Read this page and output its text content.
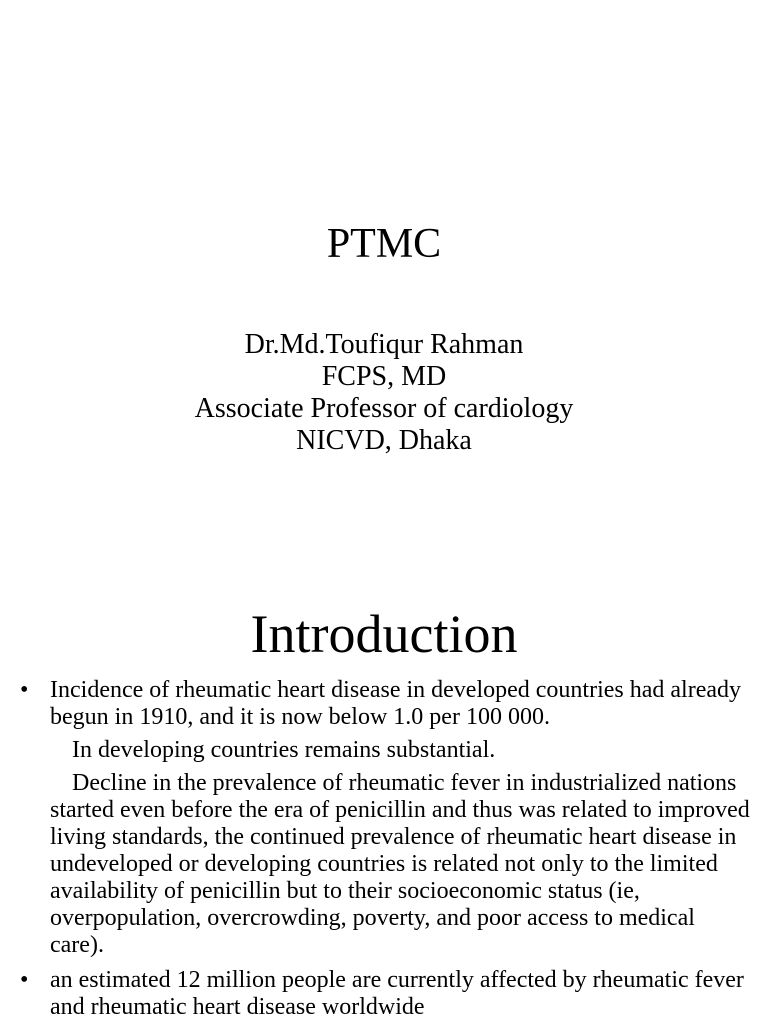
PTMC
Dr.Md.Toufiqur Rahman
FCPS, MD
Associate Professor of cardiology
NICVD, Dhaka
Introduction
• Incidence of rheumatic heart disease in developed countries had already begun in 1910, and it is now below 1.0 per 100 000.
In developing countries remains substantial.
Decline in the prevalence of rheumatic fever in industrialized nations started even before the era of penicillin and thus was related to improved living standards, the continued prevalence of rheumatic heart disease in undeveloped or developing countries is related not only to the limited availability of penicillin but to their socioeconomic status (ie, overpopulation, overcrowding, poverty, and poor access to medical care).
• an estimated 12 million people are currently affected by rheumatic fever and rheumatic heart disease worldwide
